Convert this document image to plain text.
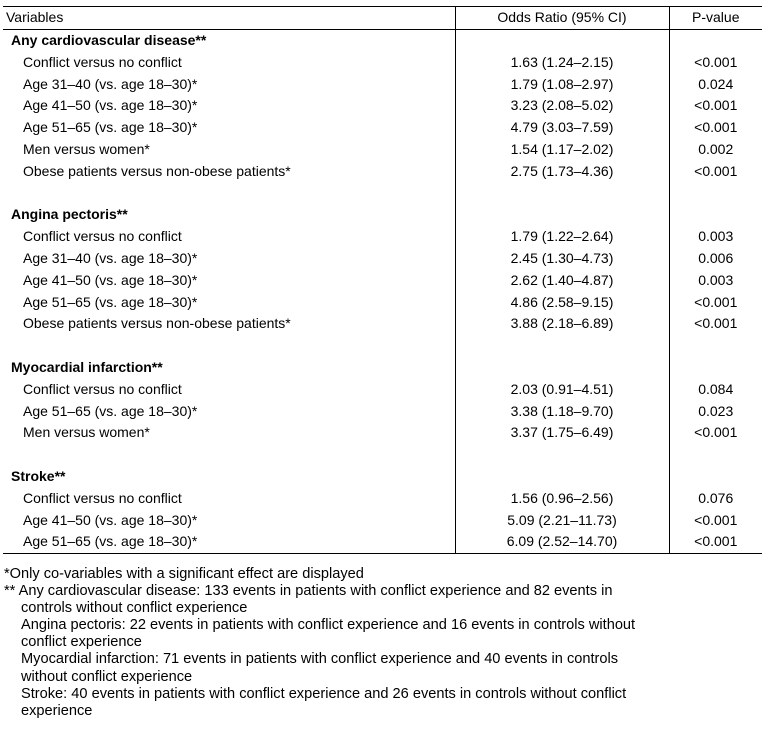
Variables	Odds Ratio (95% CI)	P-value
Any cardiovascular disease**		
Conflict versus no conflict	1.63 (1.24–2.15)	<0.001
Age 31–40 (vs. age 18–30)*	1.79 (1.08–2.97)	0.024
Age 41–50 (vs. age 18–30)*	3.23 (2.08–5.02)	<0.001
Age 51–65 (vs. age 18–30)*	4.79 (3.03–7.59)	<0.001
Men versus women*	1.54 (1.17–2.02)	0.002
Obese patients versus non-obese patients*	2.75 (1.73–4.36)	<0.001

Angina pectoris**		
Conflict versus no conflict	1.79 (1.22–2.64)	0.003
Age 31–40 (vs. age 18–30)*	2.45 (1.30–4.73)	0.006
Age 41–50 (vs. age 18–30)*	2.62 (1.40–4.87)	0.003
Age 51–65 (vs. age 18–30)*	4.86 (2.58–9.15)	<0.001
Obese patients versus non-obese patients*	3.88 (2.18–6.89)	<0.001

Myocardial infarction**		
Conflict versus no conflict	2.03 (0.91–4.51)	0.084
Age 51–65 (vs. age 18–30)*	3.38 (1.18–9.70)	0.023
Men versus women*	3.37 (1.75–6.49)	<0.001

Stroke**		
Conflict versus no conflict	1.56 (0.96–2.56)	0.076
Age 41–50 (vs. age 18–30)*	5.09 (2.21–11.73)	<0.001
Age 51–65 (vs. age 18–30)*	6.09 (2.52–14.70)	<0.001
*Only co-variables with a significant effect are displayed
** Any cardiovascular disease: 133 events in patients with conflict experience and 82 events in
controls without conflict experience
Angina pectoris: 22 events in patients with conflict experience and 16 events in controls without
conflict experience
Myocardial infarction: 71 events in patients with conflict experience and 40 events in controls
without conflict experience
Stroke: 40 events in patients with conflict experience and 26 events in controls without conflict
experience
